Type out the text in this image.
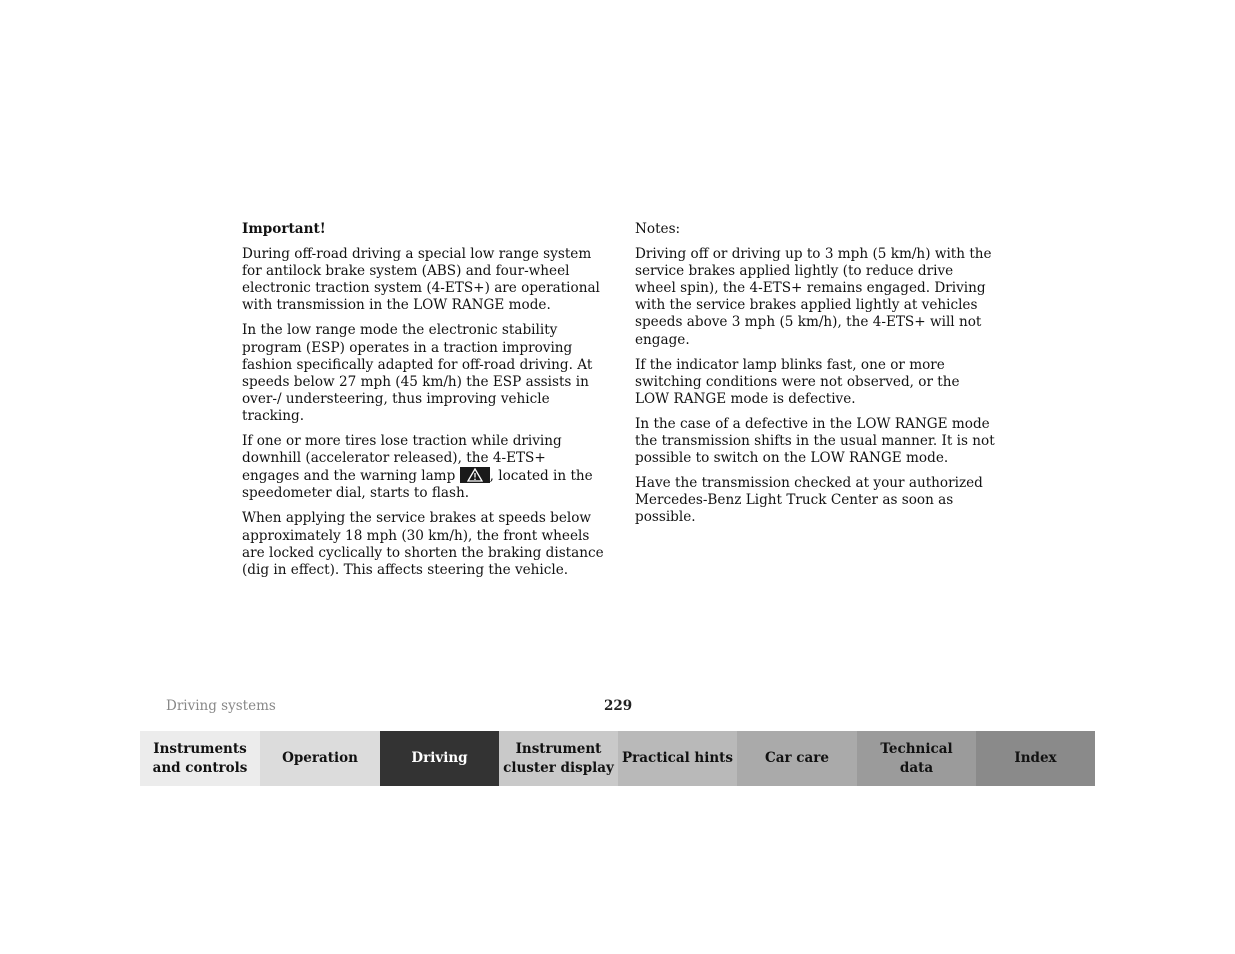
Important!

During off-road driving a special low range system for antilock brake system (ABS) and four-wheel electronic traction system (4-ETS+) are operational with transmission in the LOW RANGE mode.

In the low range mode the electronic stability program (ESP) operates in a traction improving fashion specifically adapted for off-road driving. At speeds below 27 mph (45 km/h) the ESP assists in over-/ understeering, thus improving vehicle tracking.

If one or more tires lose traction while driving downhill (accelerator released), the 4-ETS+ engages and the warning lamp
, located in the speedometer dial, starts to flash.

When applying the service brakes at speeds below approximately 18 mph (30 km/h), the front wheels are locked cyclically to shorten the braking distance (dig in effect). This affects steering the vehicle.

Notes:

Driving off or driving up to 3 mph (5 km/h) with the service brakes applied lightly (to reduce drive wheel spin), the 4-ETS+ remains engaged. Driving with the service brakes applied lightly at vehicles speeds above 3 mph (5 km/h), the 4-ETS+ will not engage.

If the indicator lamp blinks fast, one or more switching conditions were not observed, or the LOW RANGE mode is defective.

In the case of a defective in the LOW RANGE mode the transmission shifts in the usual manner. It is not possible to switch on the LOW RANGE mode.

Have the transmission checked at your authorized Mercedes-Benz Light Truck Center as soon as possible.

Driving systems	229
Instruments
and controls
Operation	Driving
Instrument
cluster display
Practical hints	Car care
Technical
data
Index
